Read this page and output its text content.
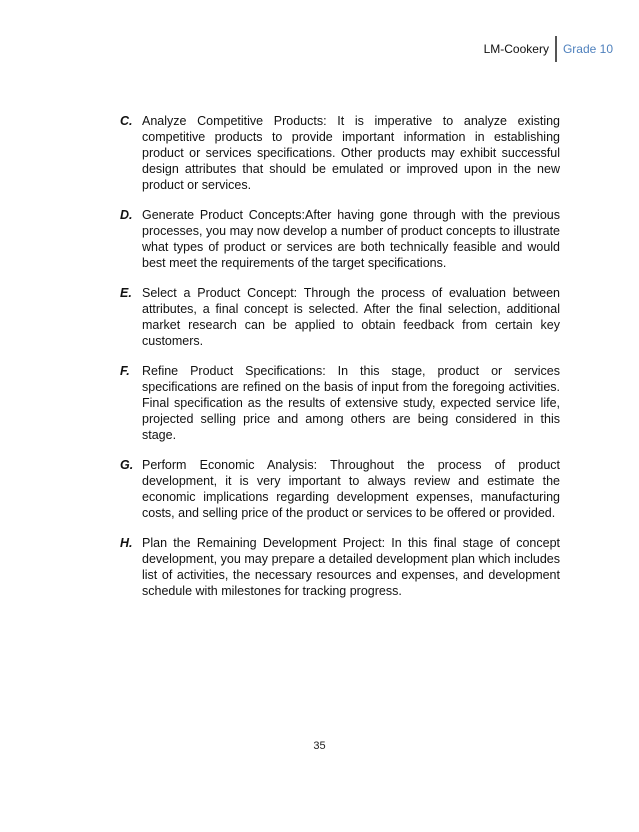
LM-Cookery	Grade 10
C. Analyze Competitive Products: It is imperative to analyze existing competitive products to provide important information in establishing product or services specifications. Other products may exhibit successful design attributes that should be emulated or improved upon in the new product or services.
D. Generate Product Concepts:After having gone through with the previous processes, you may now develop a number of product concepts to illustrate what types of product or services are both technically feasible and would best meet the requirements of the target specifications.
E. Select a Product Concept: Through the process of evaluation between attributes, a final concept is selected. After the final selection, additional market research can be applied to obtain feedback from certain key customers.
F. Refine Product Specifications: In this stage, product or services specifications are refined on the basis of input from the foregoing activities. Final specification as the results of extensive study, expected service life, projected selling price and among others are being considered in this stage.
G. Perform Economic Analysis: Throughout the process of product development, it is very important to always review and estimate the economic implications regarding development expenses, manufacturing costs, and selling price of the product or services to be offered or provided.
H. Plan the Remaining Development Project: In this final stage of concept development, you may prepare a detailed development plan which includes list of activities, the necessary resources and expenses, and development schedule with milestones for tracking progress.
35
